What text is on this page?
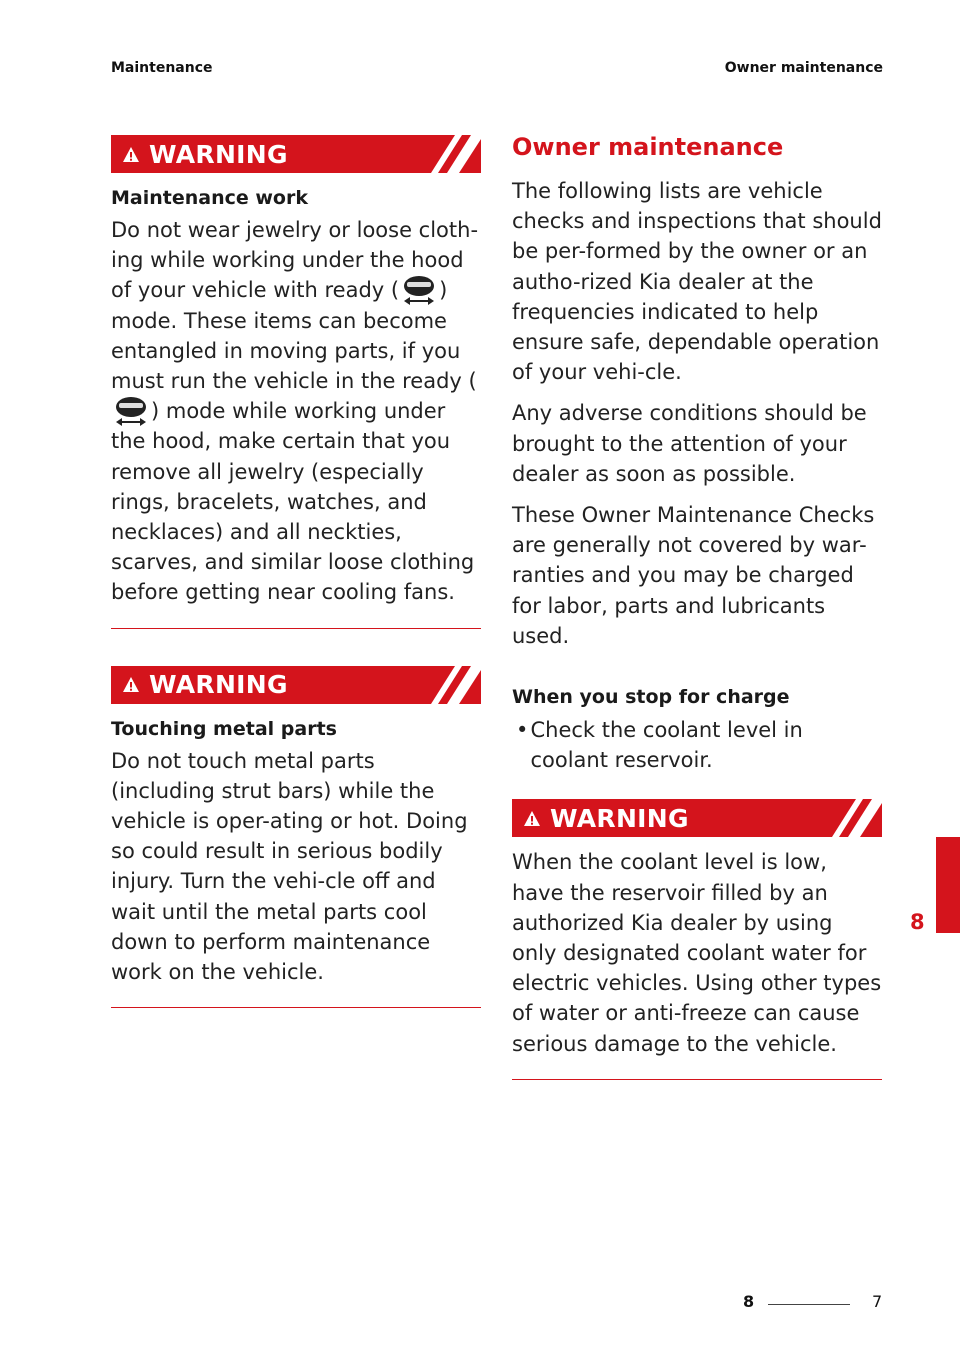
Maintenance	Owner maintenance
WARNING
Maintenance work

Do not wear jewelry or loose cloth-ing while working under the hood of your vehicle with ready ( ) mode. These items can become entangled in moving parts, if you must run the vehicle in the ready () mode while working under the hood, make certain that you remove all jewelry (especially rings, bracelets, watches, and necklaces) and all neckties, scarves, and similar loose clothing before getting near cooling fans.

WARNING
Touching metal parts

Do not touch metal parts (including strut bars) while the vehicle is oper-ating or hot. Doing so could result in serious bodily injury. Turn the vehi-cle off and wait until the metal parts cool down to perform maintenance work on the vehicle.

Owner maintenance

The following lists are vehicle checks and inspections that should be per-formed by the owner or an autho-rized Kia dealer at the frequencies indicated to help ensure safe, dependable operation of your vehi-cle.

Any adverse conditions should be brought to the attention of your dealer as soon as possible.

These Owner Maintenance Checks are generally not covered by war-ranties and you may be charged for labor, parts and lubricants used.

When you stop for charge
• Check the coolant level in coolant reservoir.
WARNING

When the coolant level is low, have the reservoir filled by an authorized Kia dealer by using only designated coolant water for electric vehicles. Using other types of water or anti-freeze can cause serious damage to the vehicle.

8
8	7
